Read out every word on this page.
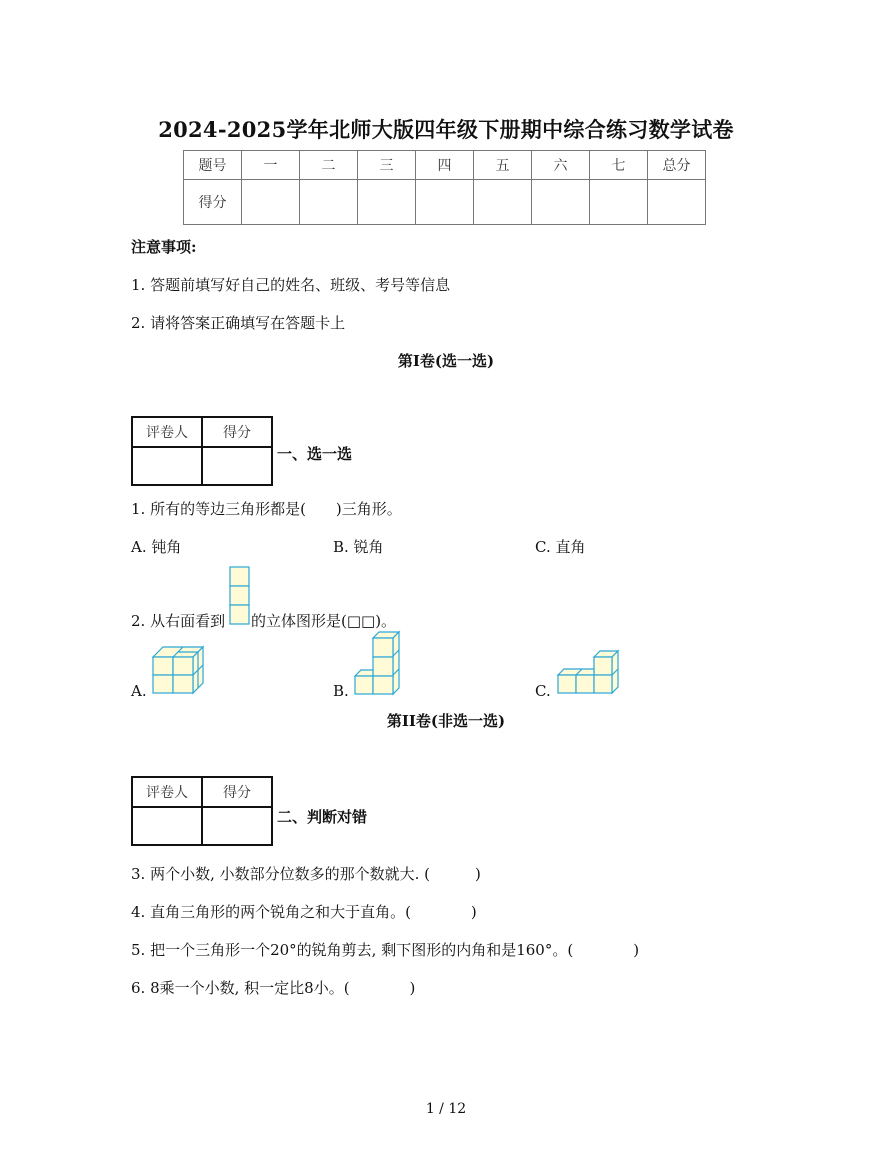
2024-2025学年北师大版四年级下册期中综合练习数学试卷
题号	一	二	三	四	五	六	七	总分
得分								
注意事项:
1. 答题前填写好自己的姓名、班级、考号等信息
2. 请将答案正确填写在答题卡上
第I卷(选一选)
评卷人	得分

一、选一选
1. 所有的等边三角形都是(　　)三角形。
A. 钝角	B. 锐角	C. 直角
2. 从右面看到 的立体图形是(□□)。
A.	B.	C.
第II卷(非选一选)
评卷人	得分

二、判断对错
3. 两个小数, 小数部分位数多的那个数就大. (　　　)
4. 直角三角形的两个锐角之和大于直角。(　　　　)
5. 把一个三角形一个20°的锐角剪去, 剩下图形的内角和是160°。(　　　　)
6. 8乘一个小数, 积一定比8小。(　　　　)
1 / 12
